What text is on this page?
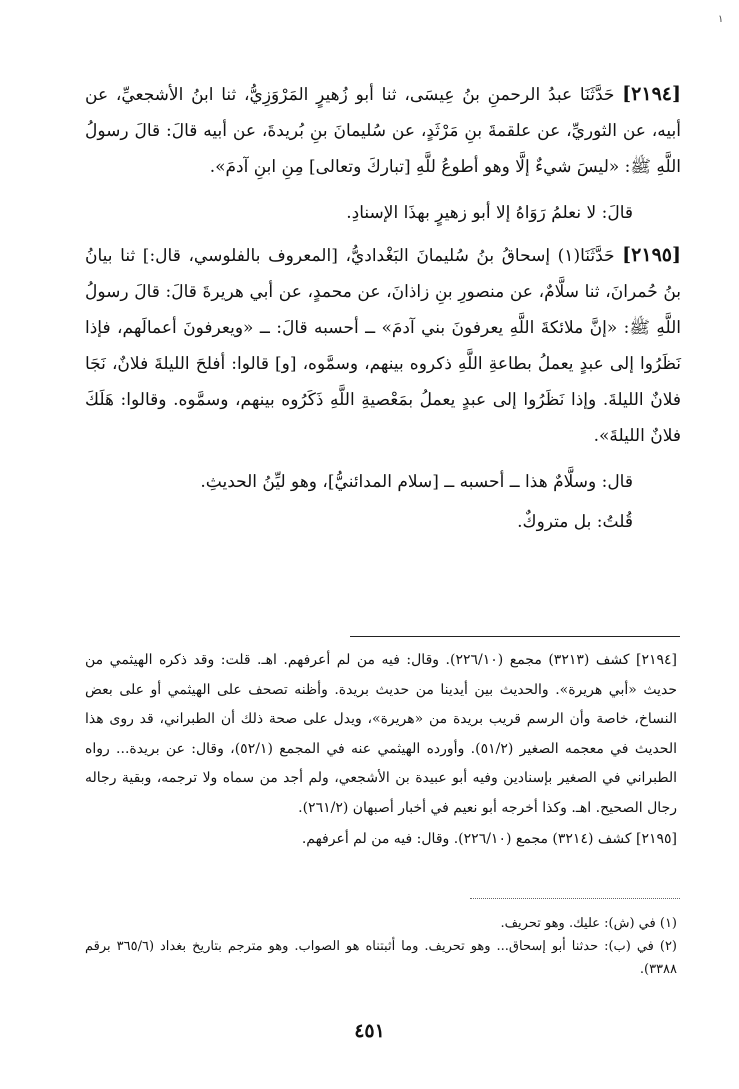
١

[٢١٩٤] حَدَّثَنَا عبدُ الرحمنِ بنُ عِيسَى، ثنا أبو زُهيرٍ المَرْوَزِيُّ، ثنا ابنُ الأشجعيِّ، عن أبيه، عن الثوريِّ، عن علقمةَ بنِ مَرْثَدٍ، عن سُليمانَ بنِ بُريدةَ، عن أبيه قالَ: قالَ رسولُ اللَّهِ ﷺ: «ليسَ شيءٌ إلَّا وهو أطوعُ للَّهِ [تباركَ وتعالى] مِنِ ابنِ آدمَ».

قالَ: لا نعلمُ رَوَاهُ إلا أبو زهيرٍ بهذَا الإسنادِ.

[٢١٩٥] حَدَّثَنَا(١) إسحاقُ بنُ سُليمانَ البَغْداديُّ، [المعروف بالفلوسي، قال:] ثنا بيانُ بنُ حُمرانَ، ثنا سلَّامٌ، عن منصورِ بنِ زاذانَ، عن محمدٍ، عن أبي هريرةَ قالَ: قالَ رسولُ اللَّهِ ﷺ: «إنَّ ملائكةَ اللَّهِ يعرفونَ بني آدمَ» ــ أحسبه قالَ: ــ «ويعرفونَ أعمالَهم، فإذا نَظَرُوا إلى عبدٍ يعملُ بطاعةِ اللَّهِ ذكروه بينهم، وسمَّوه، [و] قالوا: أفلحَ الليلةَ فلانٌ، نَجَا فلانٌ الليلةَ. وإذا نَظَرُوا إلى عبدٍ يعملُ بمَعْصيةِ اللَّهِ ذَكَرُوه بينهم، وسمَّوه. وقالوا: هَلَكَ فلانٌ الليلةَ».

قال: وسلَّامٌ هذا ــ أحسبه ــ [سلام المدائنيُّ]، وهو ليِّنُ الحديثِ.

قُلتُ: بل متروكٌ.

[٢١٩٤] كشف (٣٢١٣) مجمع (٢٢٦/١٠). وقال: فيه من لم أعرفهم. اهـ. قلت: وقد ذكره الهيثمي من حديث «أبي هريرة». والحديث بين أيدينا من حديث بريدة. وأظنه تصحف على الهيثمي أو على بعض النساخ، خاصة وأن الرسم قريب بريدة من «هريرة»، ويدل على صحة ذلك أن الطبراني، قد روى هذا الحديث في معجمه الصغير (٥١/٢). وأورده الهيثمي عنه في المجمع (٥٢/١)، وقال: عن بريدة... رواه الطبراني في الصغير بإسنادين وفيه أبو عبيدة بن الأشجعي، ولم أجد من سماه ولا ترجمه، وبقية رجاله رجال الصحيح. اهـ. وكذا أخرجه أبو نعيم في أخبار أصبهان (٢٦١/٢).

[٢١٩٥] كشف (٣٢١٤) مجمع (٢٢٦/١٠). وقال: فيه من لم أعرفهم.

(١) في (ش): عليك. وهو تحريف.

(٢) في (ب): حدثنا أبو إسحاق... وهو تحريف. وما أثبتناه هو الصواب. وهو مترجم بتاريخ بغداد (٣٦٥/٦ برقم ٣٣٨٨).

٤٥١
